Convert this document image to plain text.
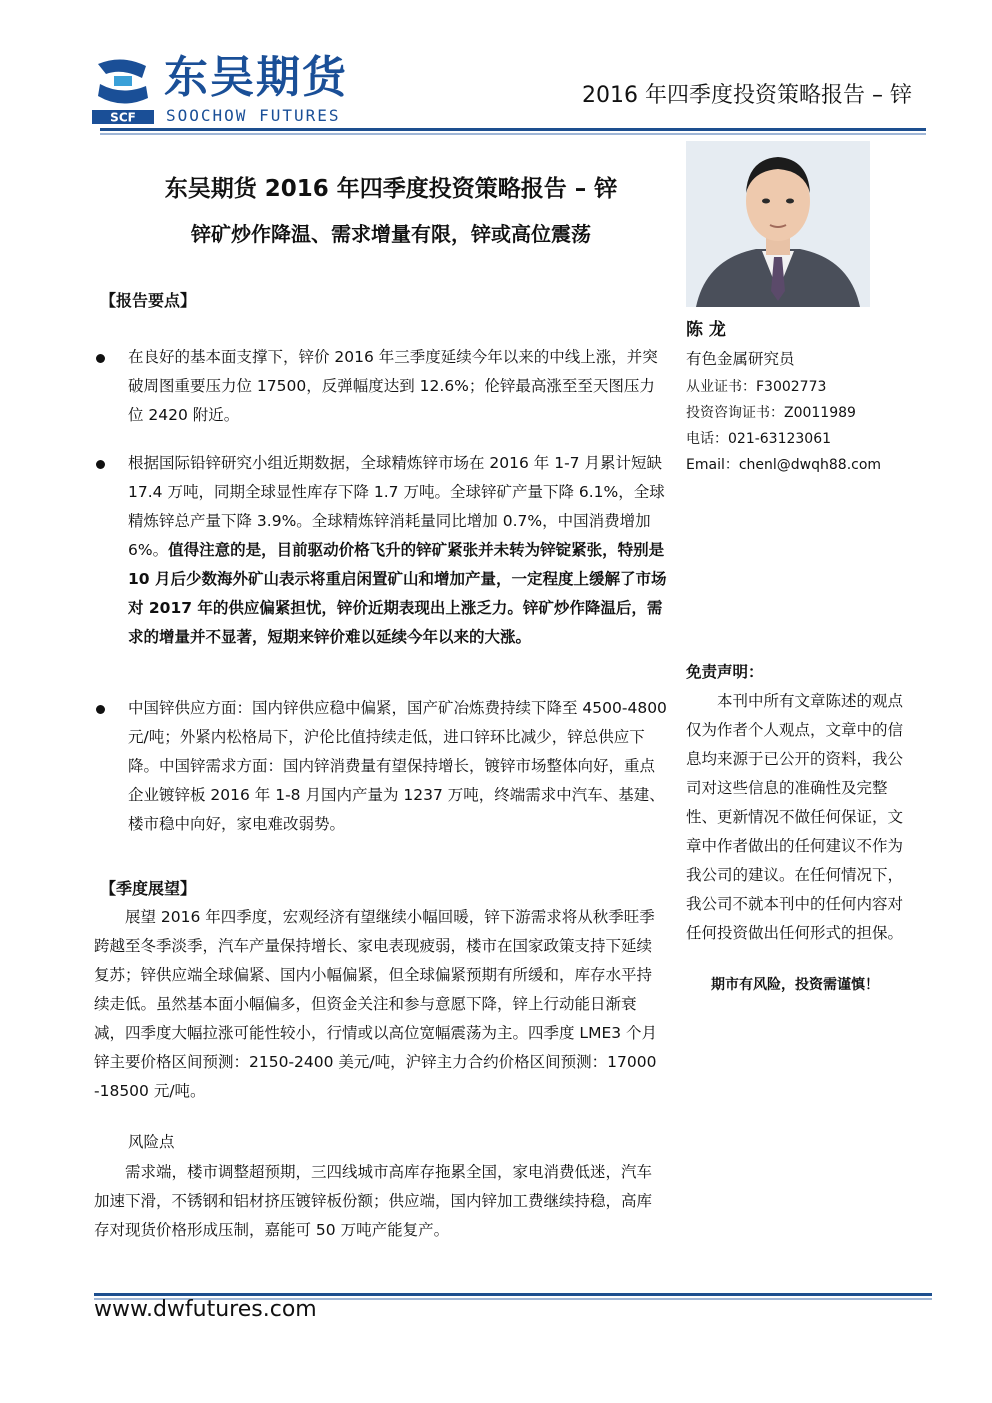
SCF
东吴期货
SOOCHOW FUTURES
2016 年四季度投资策略报告 – 锌
东吴期货 2016 年四季度投资策略报告 – 锌
锌矿炒作降温、需求增量有限，锌或高位震荡
【报告要点】
在良好的基本面支撑下，锌价 2016 年三季度延续今年以来的中线上涨，并突破周图重要压力位 17500，反弹幅度达到 12.6%；伦锌最高涨至至天图压力位 2420 附近。
根据国际铅锌研究小组近期数据，全球精炼锌市场在 2016 年 1-7 月累计短缺 17.4 万吨，同期全球显性库存下降 1.7 万吨。全球锌矿产量下降 6.1%，全球精炼锌总产量下降 3.9%。全球精炼锌消耗量同比增加 0.7%，中国消费增加 6%。值得注意的是，目前驱动价格飞升的锌矿紧张并未转为锌锭紧张，特别是 10 月后少数海外矿山表示将重启闲置矿山和增加产量，一定程度上缓解了市场对 2017 年的供应偏紧担忧，锌价近期表现出上涨乏力。锌矿炒作降温后，需求的增量并不显著，短期来锌价难以延续今年以来的大涨。
中国锌供应方面：国内锌供应稳中偏紧，国产矿冶炼费持续下降至 4500-4800 元/吨；外紧内松格局下，沪伦比值持续走低，进口锌环比减少，锌总供应下降。中国锌需求方面：国内锌消费量有望保持增长，镀锌市场整体向好，重点企业镀锌板 2016 年 1-8 月国内产量为 1237 万吨，终端需求中汽车、基建、楼市稳中向好，家电难改弱势。
【季度展望】
展望 2016 年四季度，宏观经济有望继续小幅回暖，锌下游需求将从秋季旺季跨越至冬季淡季，汽车产量保持增长、家电表现疲弱，楼市在国家政策支持下延续复苏；锌供应端全球偏紧、国内小幅偏紧，但全球偏紧预期有所缓和，库存水平持续走低。虽然基本面小幅偏多，但资金关注和参与意愿下降，锌上行动能日渐衰减，四季度大幅拉涨可能性较小，行情或以高位宽幅震荡为主。四季度 LME3 个月锌主要价格区间预测：2150-2400 美元/吨，沪锌主力合约价格区间预测：17000-18500 元/吨。
风险点
需求端，楼市调整超预期，三四线城市高库存拖累全国，家电消费低迷，汽车加速下滑，不锈钢和铝材挤压镀锌板份额；供应端，国内锌加工费继续持稳，高库存对现货价格形成压制，嘉能可 50 万吨产能复产。
陈 龙
有色金属研究员
从业证书：F3002773
投资咨询证书：Z0011989
电话：021-63123061
Email：chenl@dwqh88.com
免责声明：
本刊中所有文章陈述的观点仅为作者个人观点，文章中的信息均来源于已公开的资料，我公司对这些信息的准确性及完整性、更新情况不做任何保证，文章中作者做出的任何建议不作为我公司的建议。在任何情况下，我公司不就本刊中的任何内容对任何投资做出任何形式的担保。
期市有风险，投资需谨慎！
www.dwfutures.com
